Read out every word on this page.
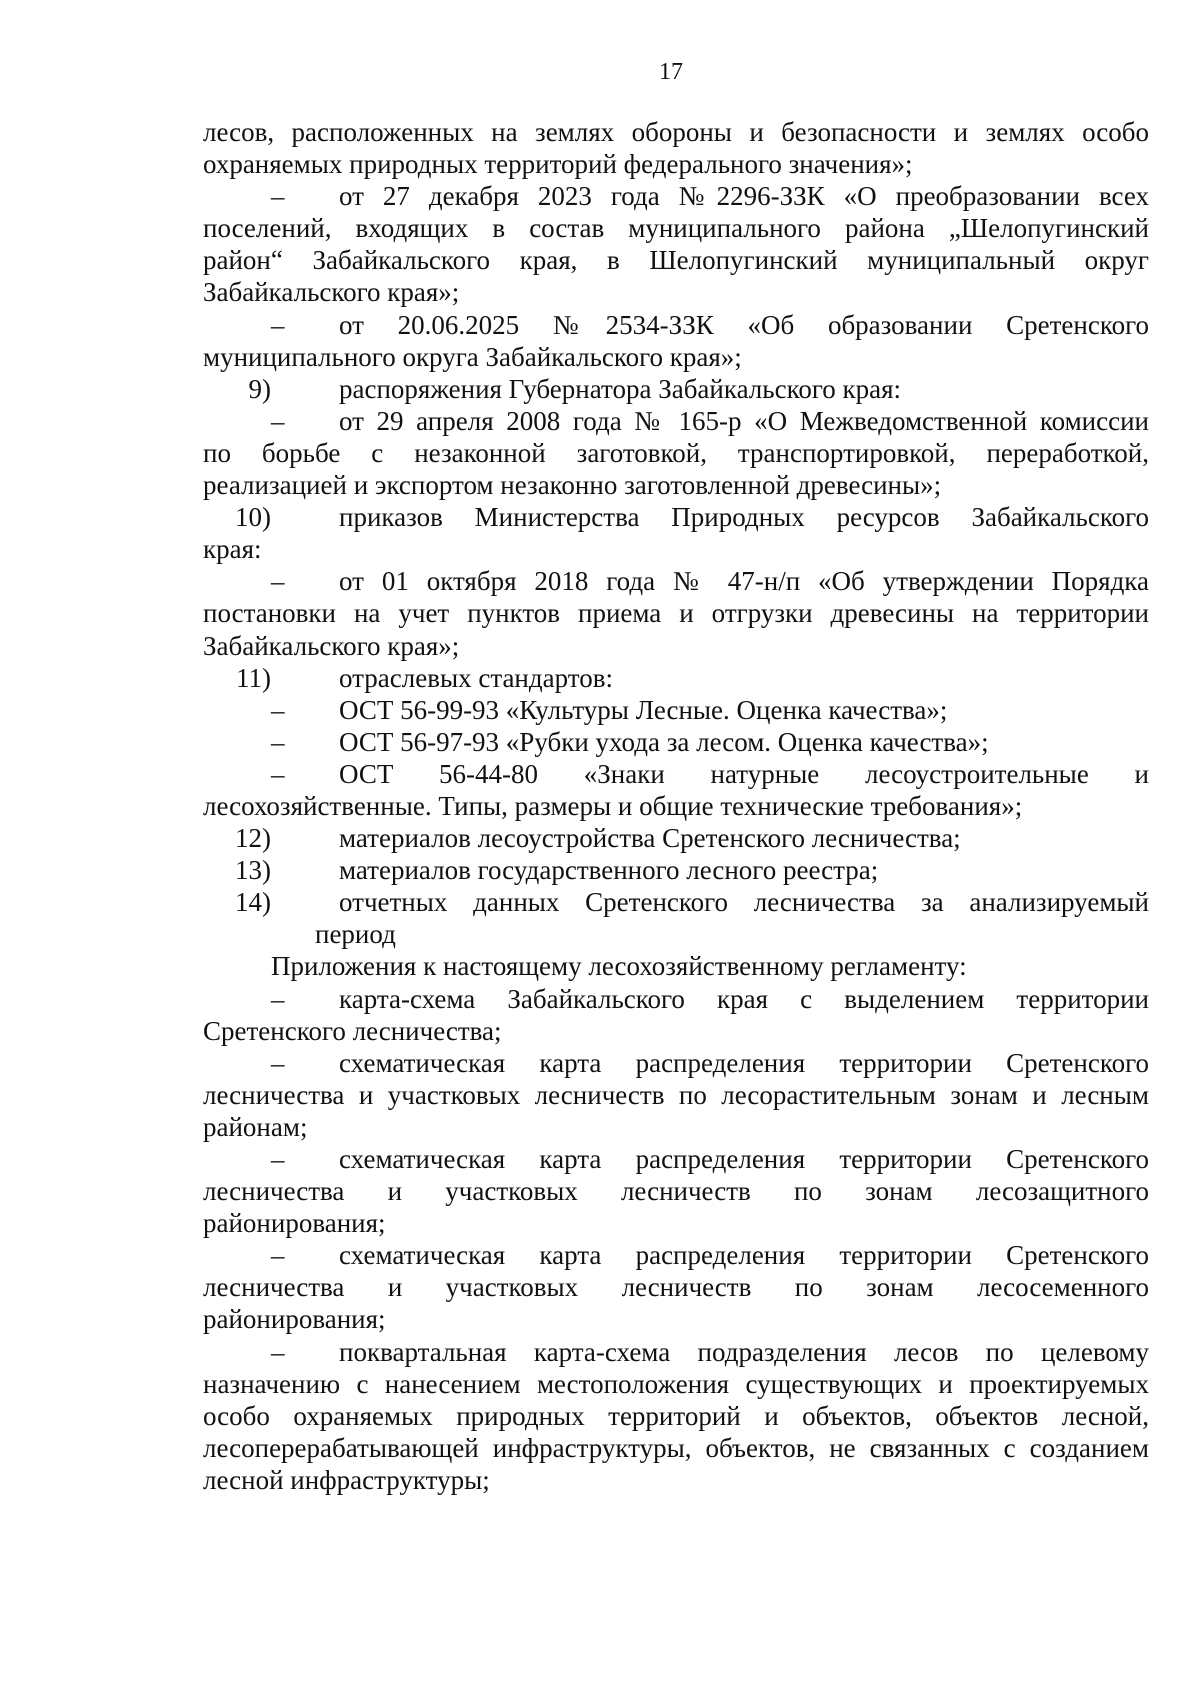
17
лесов, расположенных на землях обороны и безопасности и землях особо
охраняемых природных территорий федерального значения»;
–	от 27 декабря 2023 года №2296-ЗЗК «О преобразовании всех
поселений, входящих в состав муниципального района „Шелопугинский
район“ Забайкальского края, в Шелопугинский муниципальный округ
Забайкальского края»;
–	от 20.06.2025 №2534-ЗЗК «Об образовании Сретенского
муниципального округа Забайкальского края»;
9)	распоряжения Губернатора Забайкальского края:
–	от 29 апреля 2008 года № 165-р «О Межведомственной комиссии
по борьбе с незаконной заготовкой, транспортировкой, переработкой,
реализацией и экспортом незаконно заготовленной древесины»;
10)	приказов Министерства Природных ресурсов Забайкальского
края:
–	от 01 октября 2018 года № 47-н/п «Об утверждении Порядка
постановки на учет пунктов приема и отгрузки древесины на территории
Забайкальского края»;
11)	отраслевых стандартов:
–	ОСТ 56-99-93 «Культуры Лесные. Оценка качества»;
–	ОСТ 56-97-93 «Рубки ухода за лесом. Оценка качества»;
–	ОСТ 56-44-80 «Знаки натурные лесоустроительные и
лесохозяйственные. Типы, размеры и общие технические требования»;
12)	материалов лесоустройства Сретенского лесничества;
13)	материалов государственного лесного реестра;
14)	отчетных данных Сретенского лесничества за анализируемый
период
Приложения к настоящему лесохозяйственному регламенту:
–	карта-схема Забайкальского края с выделением территории
Сретенского лесничества;
–	схематическая карта распределения территории Сретенского
лесничества и участковых лесничеств по лесорастительным зонам и лесным
районам;
–	схематическая карта распределения территории Сретенского
лесничества и участковых лесничеств по зонам лесозащитного
районирования;
–	схематическая карта распределения территории Сретенского
лесничества и участковых лесничеств по зонам лесосеменного
районирования;
–	поквартальная карта-схема подразделения лесов по целевому
назначению с нанесением местоположения существующих и проектируемых
особо охраняемых природных территорий и объектов, объектов лесной,
лесоперерабатывающей инфраструктуры, объектов, не связанных с созданием
лесной инфраструктуры;
